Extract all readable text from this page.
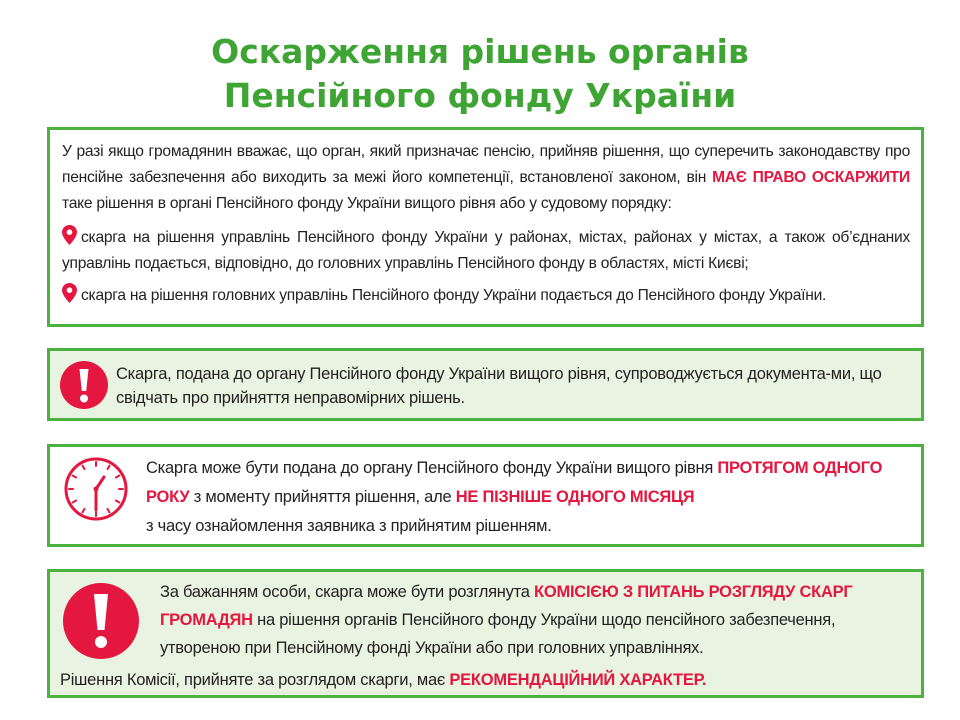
Оскарження рішень органів
Пенсійного фонду України

У разі якщо громадянин вважає, що орган, який призначає пенсію, прийняв рішення, що суперечить законодавству про пенсійне забезпечення або виходить за межі його компетенції, встановленої законом, він МАЄ ПРАВО ОСКАРЖИТИ таке рішення в органі Пенсійного фонду України вищого рівня або у судовому порядку:

скарга на рішення управлінь Пенсійного фонду України у районах, містах, районах у містах, а також об’єднаних управлінь подається, відповідно, до головних управлінь Пенсійного фонду в областях, місті Києві;

скарга на рішення головних управлінь Пенсійного фонду України подається до Пенсійного фонду України.

Скарга, подана до органу Пенсійного фонду України вищого рівня, супроводжується документа-ми, що свідчать про прийняття неправомірних рішень.
Скарга може бути подана до органу Пенсійного фонду України вищого рівня ПРОТЯГОМ ОДНОГО РОКУ з моменту прийняття рішення, але НЕ ПІЗНІШЕ ОДНОГО МІСЯЦЯ
з часу ознайомлення заявника з прийнятим рішенням.
За бажанням особи, скарга може бути розглянута КОМІСІЄЮ З ПИТАНЬ РОЗГЛЯДУ СКАРГ ГРОМАДЯН на рішення органів Пенсійного фонду України щодо пенсійного забезпечення, утвореною при Пенсійному фонді України або при головних управліннях.
Рішення Комісії, прийняте за розглядом скарги, має РЕКОМЕНДАЦІЙНИЙ ХАРАКТЕР.
